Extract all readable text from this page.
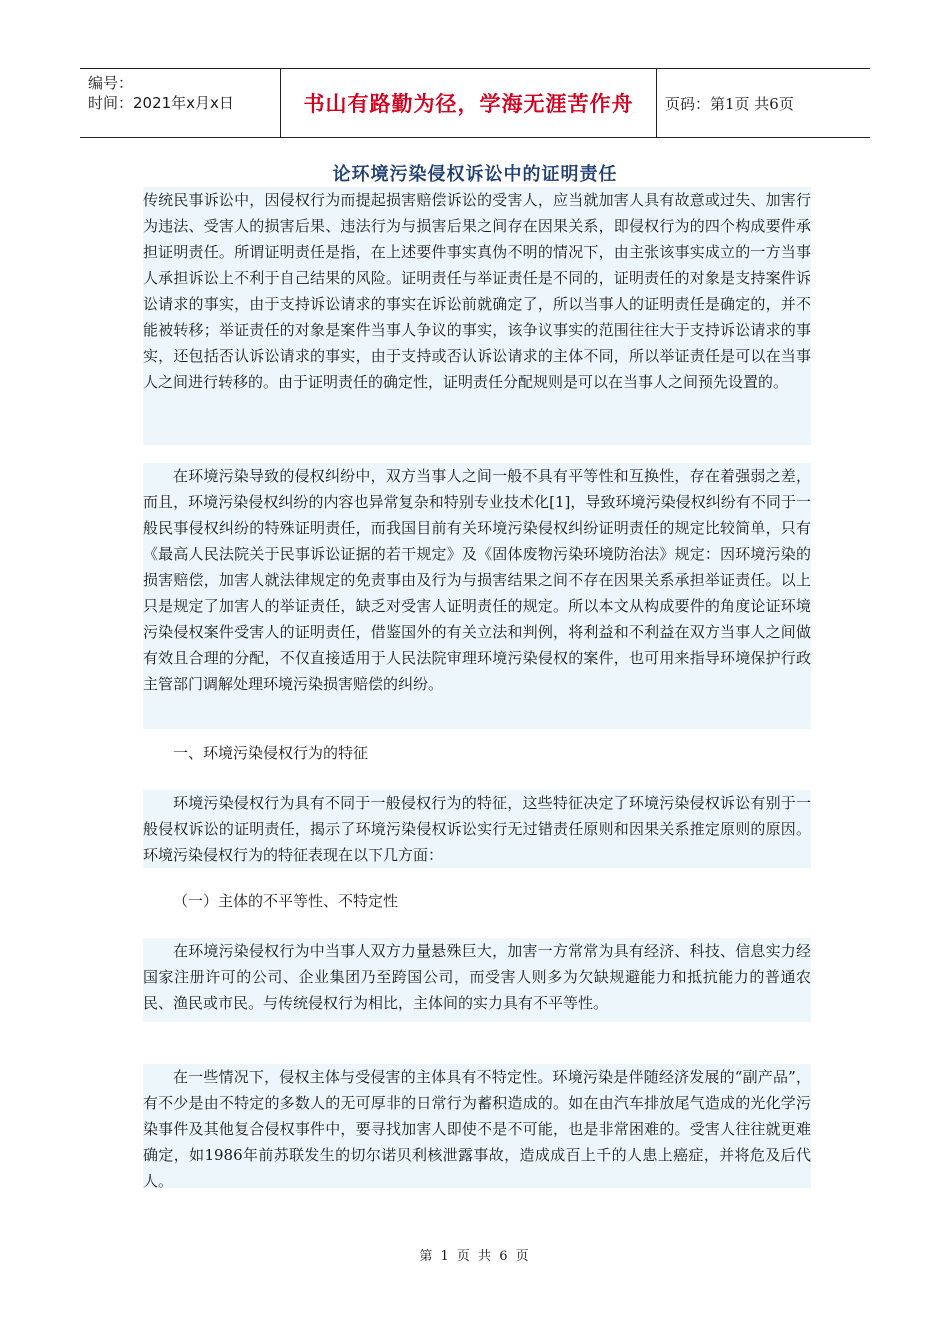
编号：
时间：2021年x月x日	书山有路勤为径，学海无涯苦作舟	页码：第1页 共6页
论环境污染侵权诉讼中的证明责任
传统民事诉讼中，因侵权行为而提起损害赔偿诉讼的受害人，应当就加害人具有故意或过失、加害行为违法、受害人的损害后果、违法行为与损害后果之间存在因果关系，即侵权行为的四个构成要件承担证明责任。所谓证明责任是指，在上述要件事实真伪不明的情况下，由主张该事实成立的一方当事人承担诉讼上不利于自己结果的风险。证明责任与举证责任是不同的，证明责任的对象是支持案件诉讼请求的事实，由于支持诉讼请求的事实在诉讼前就确定了，所以当事人的证明责任是确定的，并不能被转移；举证责任的对象是案件当事人争议的事实，该争议事实的范围往往大于支持诉讼请求的事实，还包括否认诉讼请求的事实，由于支持或否认诉讼请求的主体不同，所以举证责任是可以在当事人之间进行转移的。由于证明责任的确定性，证明责任分配规则是可以在当事人之间预先设置的。
在环境污染导致的侵权纠纷中，双方当事人之间一般不具有平等性和互换性，存在着强弱之差，而且，环境污染侵权纠纷的内容也异常复杂和特别专业技术化[1]，导致环境污染侵权纠纷有不同于一般民事侵权纠纷的特殊证明责任，而我国目前有关环境污染侵权纠纷证明责任的规定比较简单，只有《最高人民法院关于民事诉讼证据的若干规定》及《固体废物污染环境防治法》规定：因环境污染的损害赔偿，加害人就法律规定的免责事由及行为与损害结果之间不存在因果关系承担举证责任。以上只是规定了加害人的举证责任，缺乏对受害人证明责任的规定。所以本文从构成要件的角度论证环境污染侵权案件受害人的证明责任，借鉴国外的有关立法和判例，将利益和不利益在双方当事人之间做有效且合理的分配，不仅直接适用于人民法院审理环境污染侵权的案件，也可用来指导环境保护行政主管部门调解处理环境污染损害赔偿的纠纷。
一、环境污染侵权行为的特征
环境污染侵权行为具有不同于一般侵权行为的特征，这些特征决定了环境污染侵权诉讼有别于一般侵权诉讼的证明责任，揭示了环境污染侵权诉讼实行无过错责任原则和因果关系推定原则的原因。环境污染侵权行为的特征表现在以下几方面：
（一）主体的不平等性、不特定性
在环境污染侵权行为中当事人双方力量悬殊巨大，加害一方常常为具有经济、科技、信息实力经国家注册许可的公司、企业集团乃至跨国公司，而受害人则多为欠缺规避能力和抵抗能力的普通农民、渔民或市民。与传统侵权行为相比，主体间的实力具有不平等性。
在一些情况下，侵权主体与受侵害的主体具有不特定性。环境污染是伴随经济发展的“副产品”，有不少是由不特定的多数人的无可厚非的日常行为蓄积造成的。如在由汽车排放尾气造成的光化学污染事件及其他复合侵权事件中，要寻找加害人即使不是不可能，也是非常困难的。受害人往往就更难确定，如1986年前苏联发生的切尔诺贝利核泄露事故，造成成百上千的人患上癌症，并将危及后代人。
第 1 页 共 6 页
